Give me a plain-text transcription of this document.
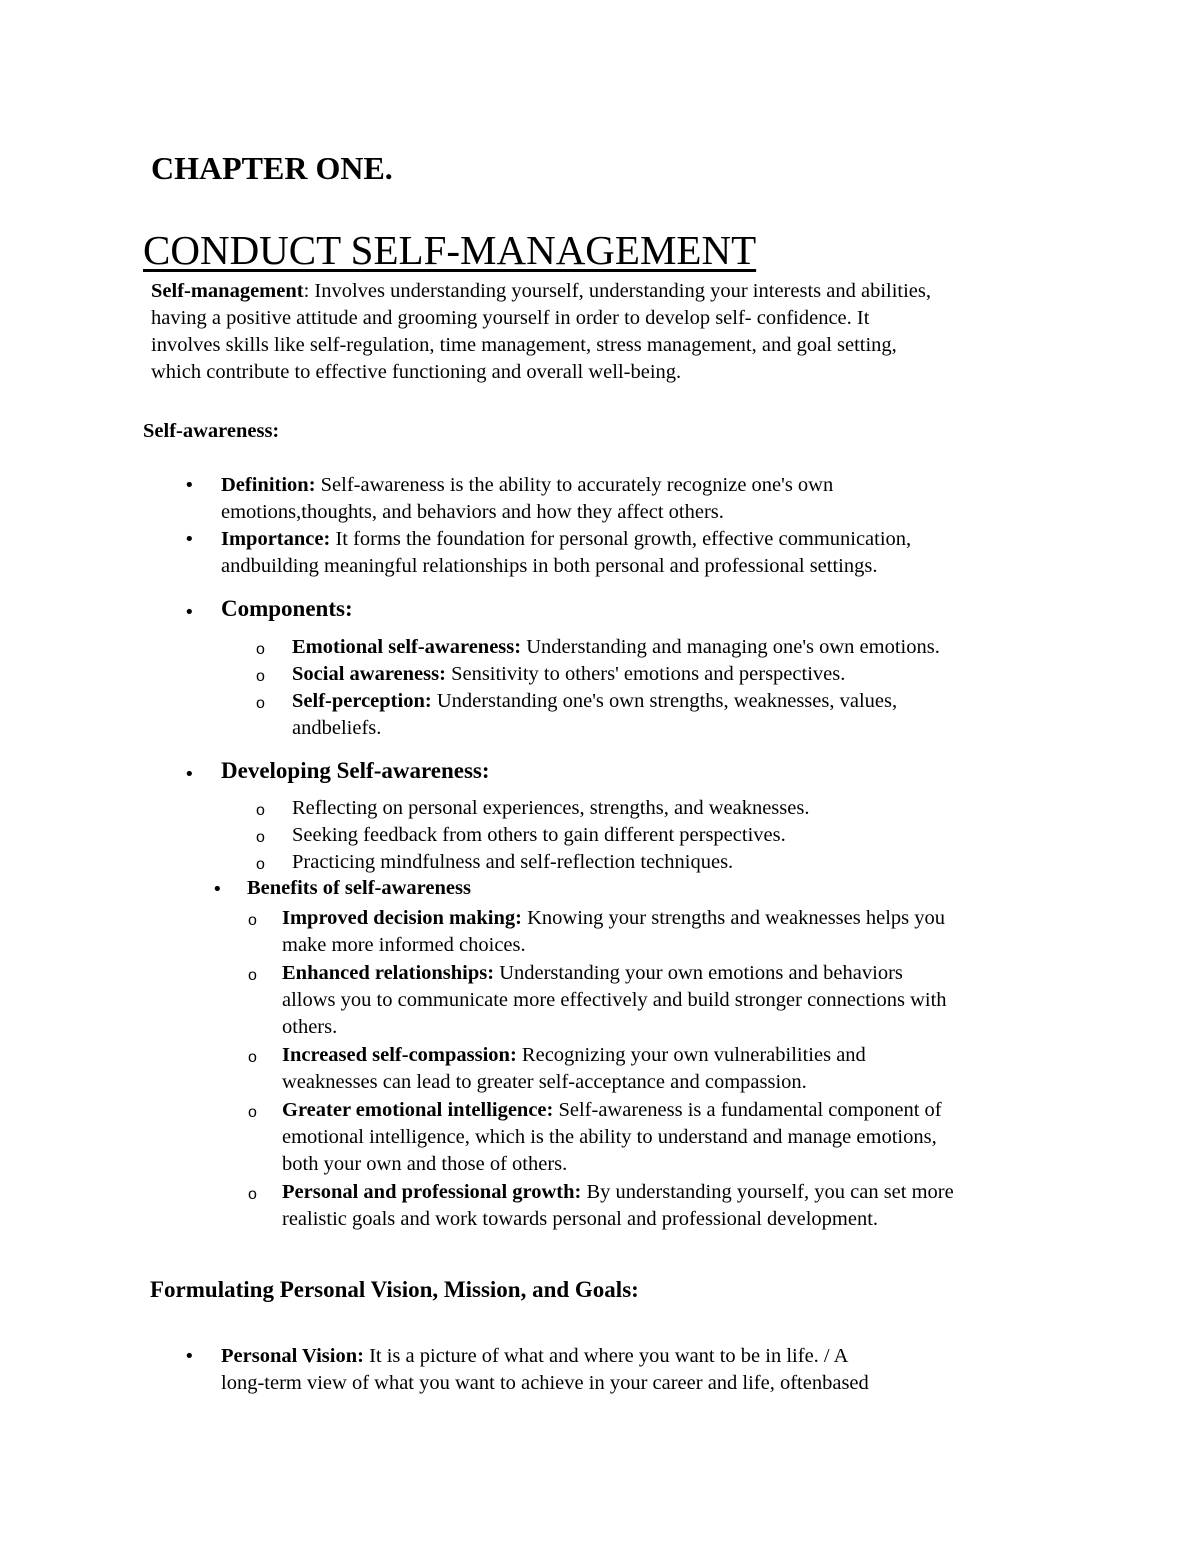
CHAPTER ONE.
CONDUCT SELF-MANAGEMENT
Self-management: Involves understanding yourself, understanding your interests and abilities,
having a positive attitude and grooming yourself in order to develop self- confidence. It
involves skills like self-regulation, time management, stress management, and goal setting,
which contribute to effective functioning and overall well-being.
Self-awareness:
• Definition: Self-awareness is the ability to accurately recognize one's own
emotions,thoughts, and behaviors and how they affect others.
• Importance: It forms the foundation for personal growth, effective communication,
andbuilding meaningful relationships in both personal and professional settings.
• Components:
o Emotional self-awareness: Understanding and managing one's own emotions.
o Social awareness: Sensitivity to others' emotions and perspectives.
o Self-perception: Understanding one's own strengths, weaknesses, values,
andbeliefs.
• Developing Self-awareness:
o Reflecting on personal experiences, strengths, and weaknesses.
o Seeking feedback from others to gain different perspectives.
o Practicing mindfulness and self-reflection techniques.
• Benefits of self-awareness
o Improved decision making: Knowing your strengths and weaknesses helps you
make more informed choices.
o Enhanced relationships: Understanding your own emotions and behaviors
allows you to communicate more effectively and build stronger connections with
others.
o Increased self-compassion: Recognizing your own vulnerabilities and
weaknesses can lead to greater self-acceptance and compassion.
o Greater emotional intelligence: Self-awareness is a fundamental component of
emotional intelligence, which is the ability to understand and manage emotions,
both your own and those of others.
o Personal and professional growth: By understanding yourself, you can set more
realistic goals and work towards personal and professional development.
Formulating Personal Vision, Mission, and Goals:
• Personal Vision: It is a picture of what and where you want to be in life. / A
long-term view of what you want to achieve in your career and life, oftenbased
